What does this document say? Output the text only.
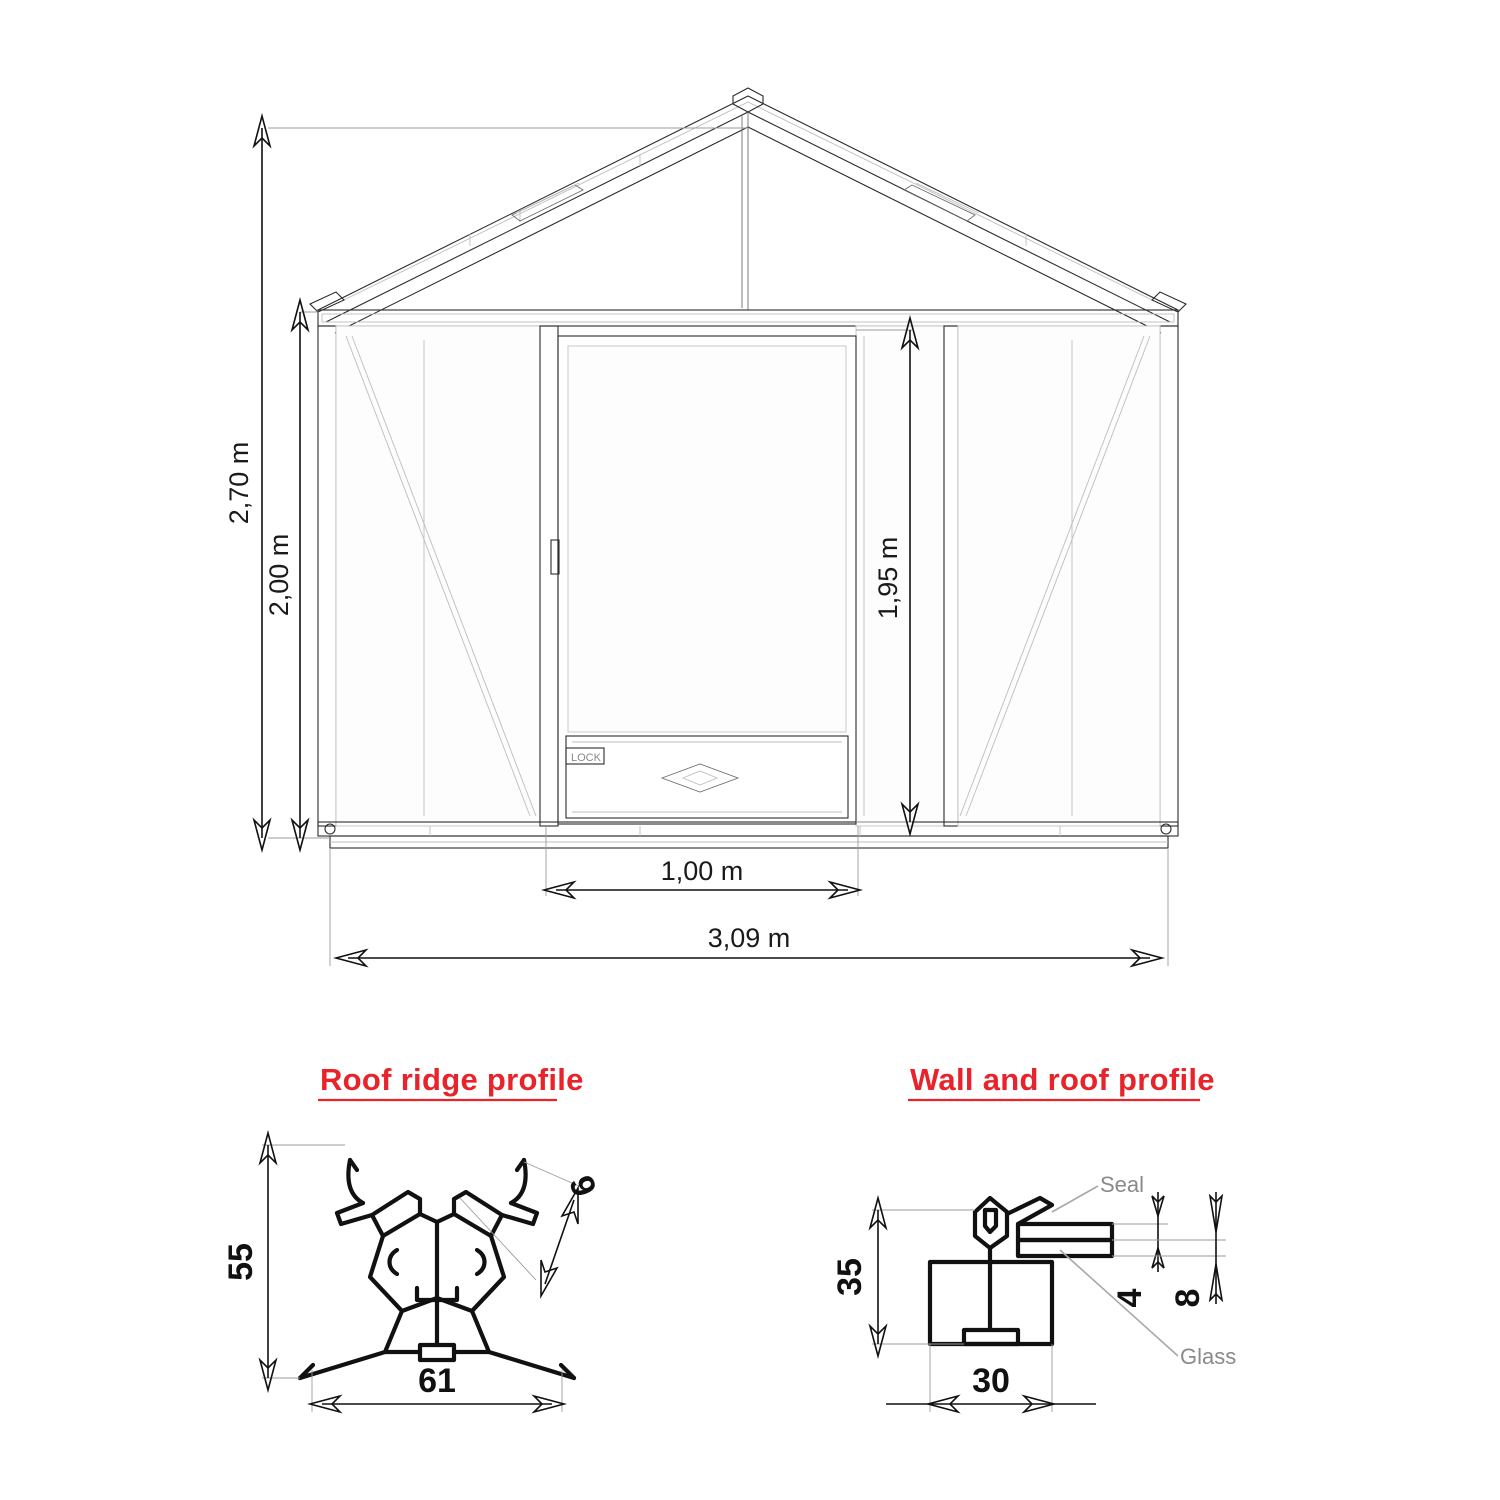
LOCK
2,70 m
2,00 m	1,95 m
1,00 m
3,09 m
Roof ridge profile
55
9
61
Wall and roof profile
Seal
Glass
35
4 8
30
